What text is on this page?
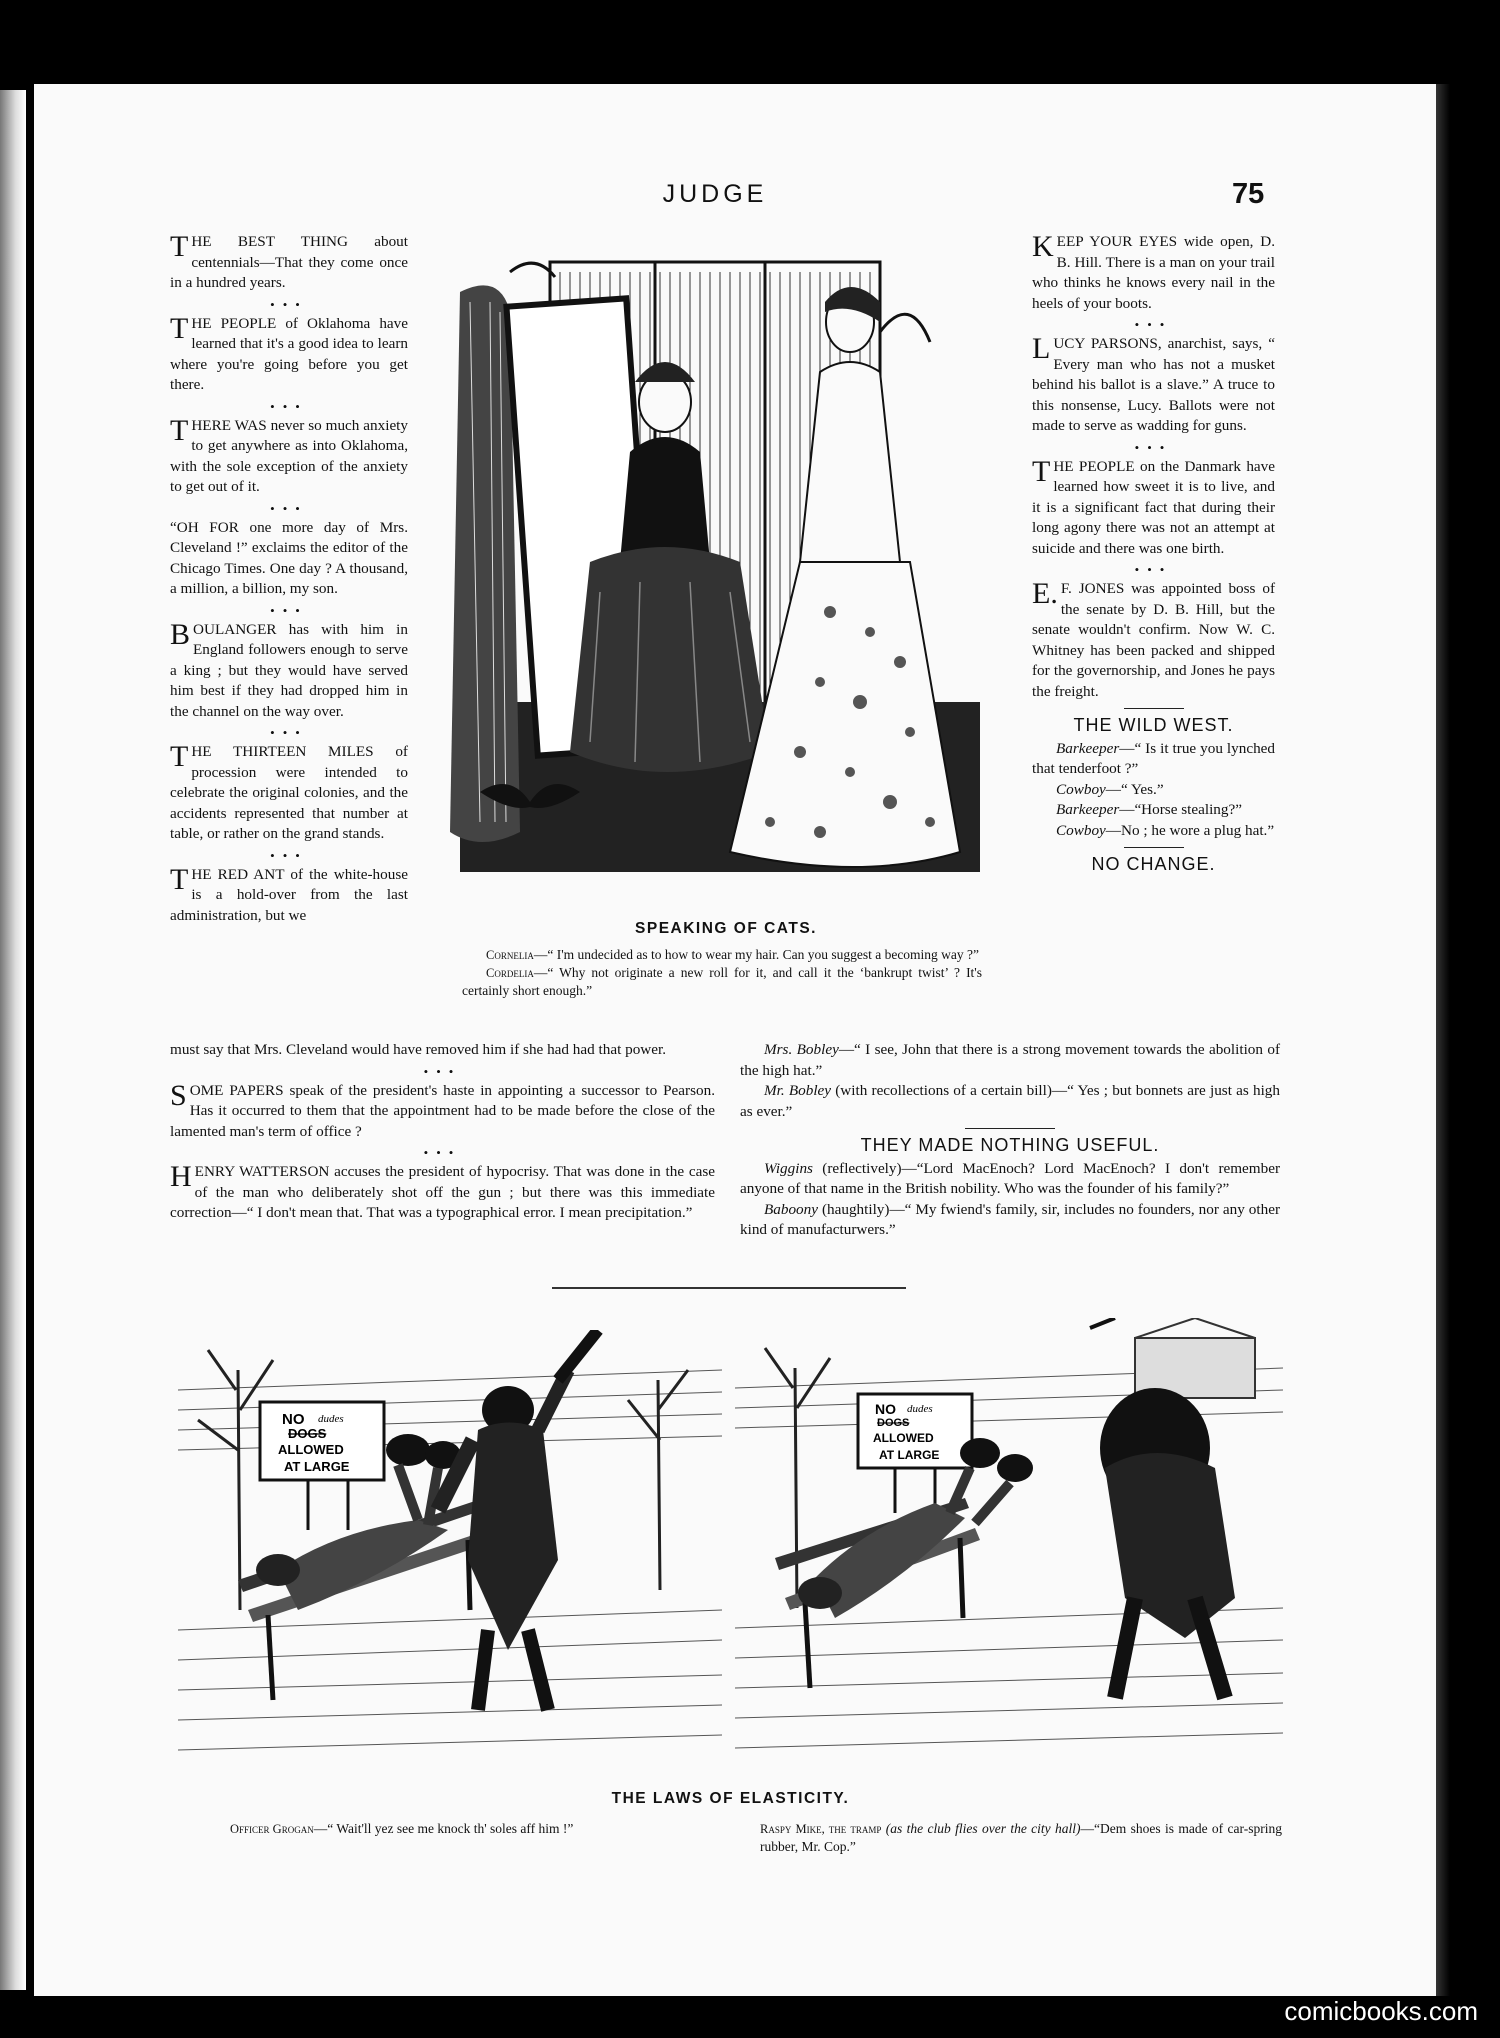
JUDGE	75

THE BEST THING about centennials—That they come once in a hundred years.

•••

THE PEOPLE of Oklahoma have learned that it's a good idea to learn where you're going before you get there.

•••

THERE WAS never so much anxiety to get anywhere as into Oklahoma, with the sole exception of the anxiety to get out of it.

•••

“OH FOR one more day of Mrs. Cleveland !” exclaims the editor of the Chicago Times. One day ? A thousand, a million, a billion, my son.

•••

BOULANGER has with him in England followers enough to serve a king ; but they would have served him best if they had dropped him in the channel on the way over.

•••

THE THIRTEEN MILES of procession were intended to celebrate the original colonies, and the accidents represented that number at table, or rather on the grand stands.

•••

THE RED ANT of the white-house is a hold-over from the last administration, but we

SPEAKING OF CATS.

Cornelia—“ I'm undecided as to how to wear my hair. Can you suggest a becoming way ?”

Cordelia—“ Why not originate a new roll for it, and call it the ‘bankrupt twist’ ? It's certainly short enough.”

KEEP YOUR EYES wide open, D. B. Hill. There is a man on your trail who thinks he knows every nail in the heels of your boots.

•••

LUCY PARSONS, anarchist, says, “ Every man who has not a musket behind his ballot is a slave.” A truce to this nonsense, Lucy. Ballots were not made to serve as wadding for guns.

•••

THE PEOPLE on the Danmark have learned how sweet it is to live, and it is a significant fact that during their long agony there was not an attempt at suicide and there was one birth.

•••

E.F. JONES was appointed boss of the senate by D. B. Hill, but the senate wouldn't confirm. Now W. C. Whitney has been packed and shipped for the governorship, and Jones he pays the freight.

THE WILD WEST.

Barkeeper—“ Is it true you lynched that tenderfoot ?”

Cowboy—“ Yes.”

Barkeeper—“Horse stealing?”

Cowboy—No ; he wore a plug hat.”

NO CHANGE.

must say that Mrs. Cleveland would have removed him if she had had that power.

•••

SOME PAPERS speak of the president's haste in appointing a successor to Pearson. Has it occurred to them that the appointment had to be made before the close of the lamented man's term of office ?

•••

HENRY WATTERSON accuses the president of hypocrisy. That was done in the case of the man who deliberately shot off the gun ; but there was this immediate correction—“ I don't mean that. That was a typographical error. I mean precipitation.”

Mrs. Bobley—“ I see, John that there is a strong movement towards the abolition of the high hat.”

Mr. Bobley (with recollections of a certain bill)—“ Yes ; but bonnets are just as high as ever.”

THEY MADE NOTHING USEFUL.

Wiggins (reflectively)—“Lord MacEnoch? Lord MacEnoch? I don't remember anyone of that name in the British nobility. Who was the founder of his family?”

Baboony (haughtily)—“ My fwiend's family, sir, includes no founders, nor any other kind of manufacturwers.”

NO dudes
DOGS
ALLOWED
AT LARGE
NO dudes
DOGS
ALLOWED
AT LARGE
THE LAWS OF ELASTICITY.

Officer Grogan—“ Wait'll yez see me knock th' soles aff him !”	Raspy Mike, the tramp (as the club flies over the city hall)—“Dem shoes is made of car-spring rubber, Mr. Cop.”

comicbooks.com
